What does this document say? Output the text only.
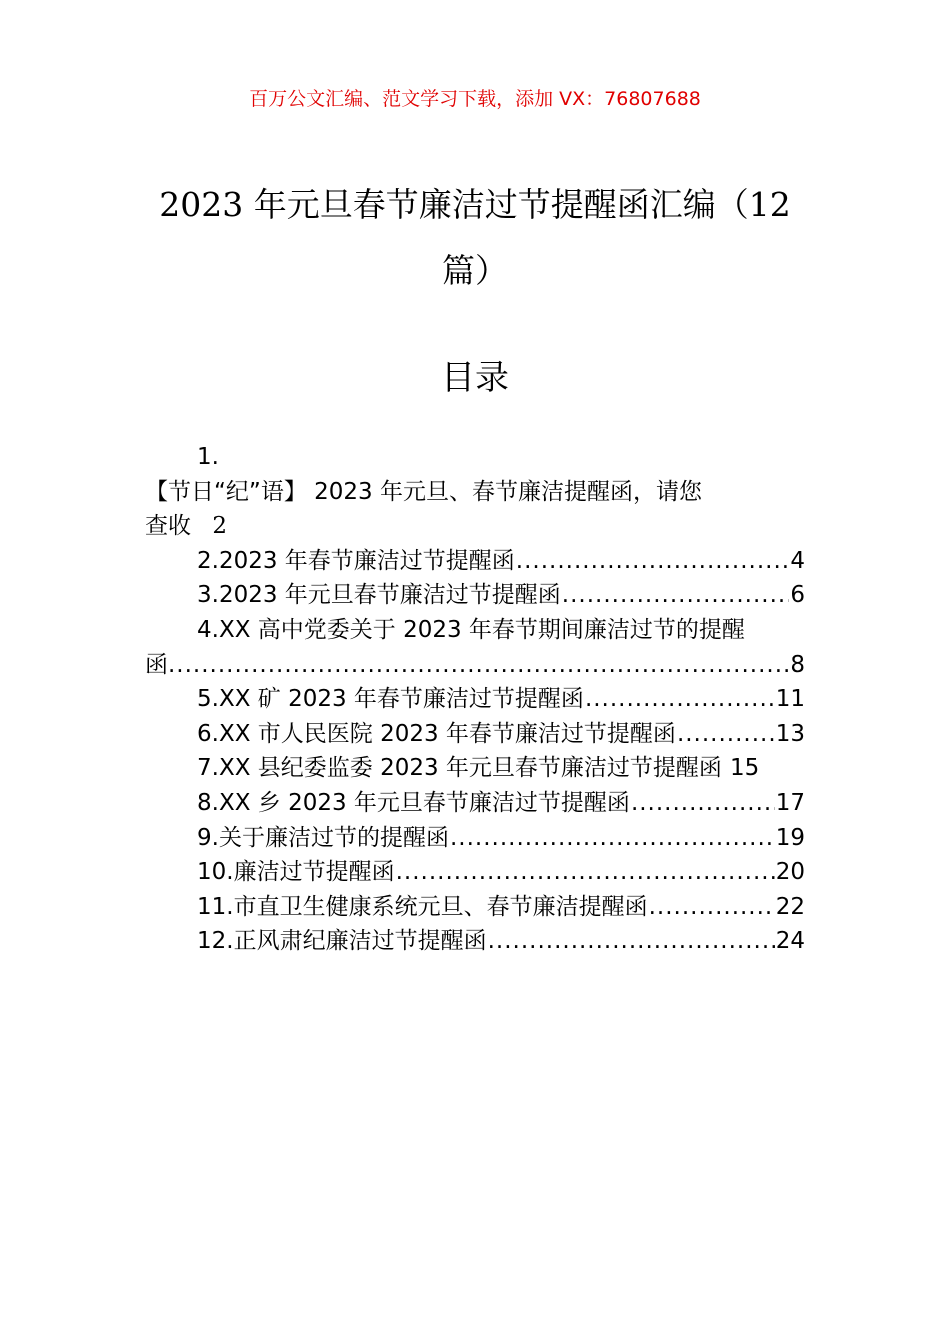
百万公文汇编、范文学习下载，添加 VX：76807688
2023 年元旦春节廉洁过节提醒函汇编（12 篇）
目录
1.
【节日“纪”语】 2023 年元旦、春节廉洁提醒函，请您
查收 2
2.2023 年春节廉洁过节提醒函 .....	4
3.2023 年元旦春节廉洁过节提醒函 .....	6
4.XX 高中党委关于 2023 年春节期间廉洁过节的提醒
函 .....	8
5.XX 矿 2023 年春节廉洁过节提醒函 .....	11
6.XX 市人民医院 2023 年春节廉洁过节提醒函 .....	13
7.XX 县纪委监委 2023 年元旦春节廉洁过节提醒函 15
8.XX 乡 2023 年元旦春节廉洁过节提醒函 .....	17
9.关于廉洁过节的提醒函 .....	19
10.廉洁过节提醒函 .....	20
11.市直卫生健康系统元旦、春节廉洁提醒函 .....	22
12.正风肃纪廉洁过节提醒函 .....	24
